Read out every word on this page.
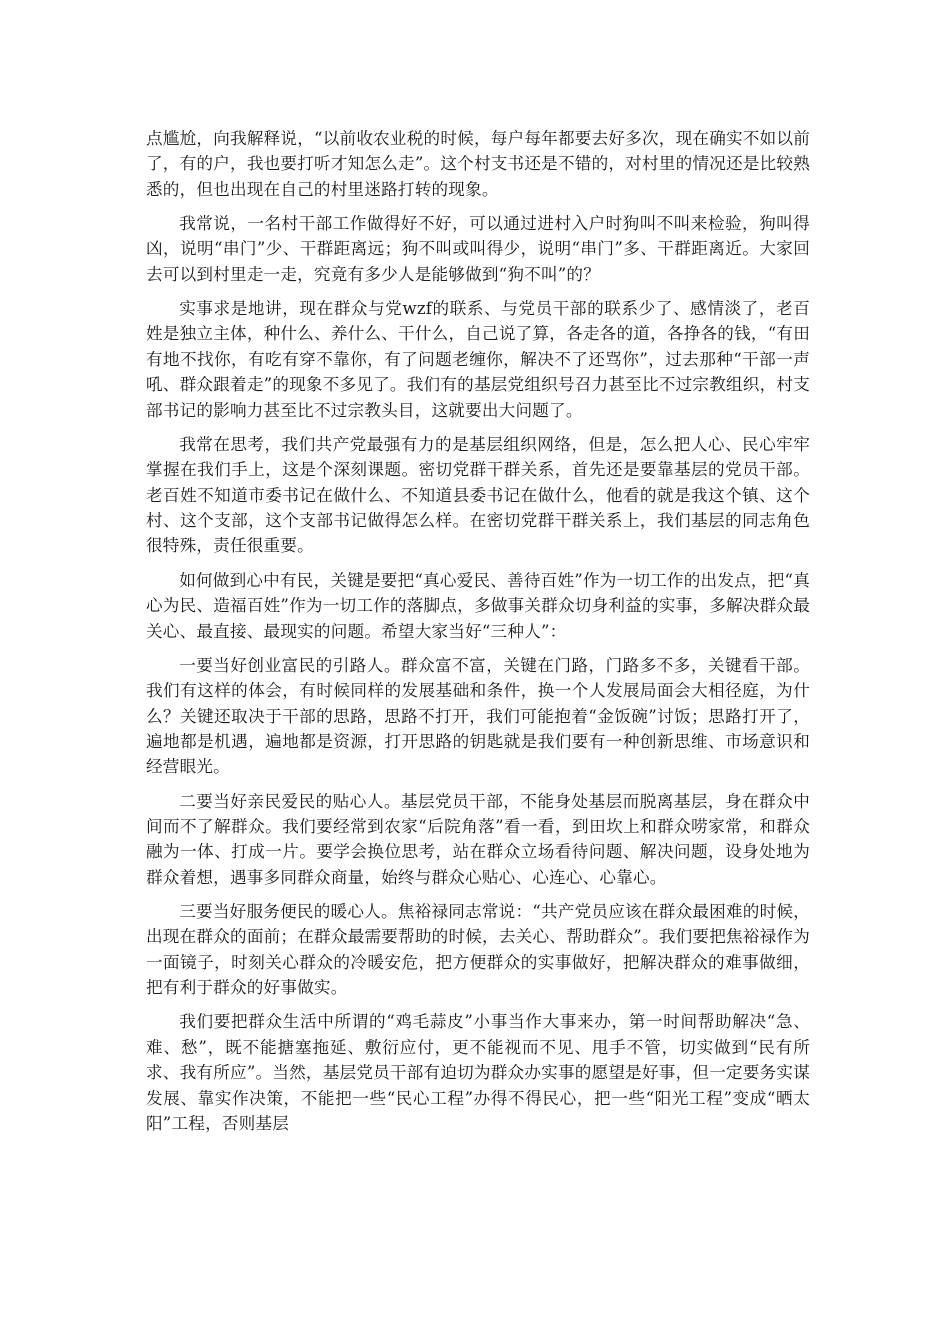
点尴尬，向我解释说，“以前收农业税的时候，每户每年都要去好多次，现在确实不如以前了，有的户，我也要打听才知怎么走”。这个村支书还是不错的，对村里的情况还是比较熟悉的，但也出现在自己的村里迷路打转的现象。

我常说，一名村干部工作做得好不好，可以通过进村入户时狗叫不叫来检验，狗叫得凶，说明“串门”少、干群距离远；狗不叫或叫得少，说明“串门”多、干群距离近。大家回去可以到村里走一走，究竟有多少人是能够做到“狗不叫”的？

实事求是地讲，现在群众与党wzf的联系、与党员干部的联系少了、感情淡了，老百姓是独立主体，种什么、养什么、干什么，自己说了算，各走各的道，各挣各的钱，“有田有地不找你，有吃有穿不靠你，有了问题老缠你，解决不了还骂你”，过去那种“干部一声吼、群众跟着走”的现象不多见了。我们有的基层党组织号召力甚至比不过宗教组织，村支部书记的影响力甚至比不过宗教头目，这就要出大问题了。

我常在思考，我们共产党最强有力的是基层组织网络，但是，怎么把人心、民心牢牢掌握在我们手上，这是个深刻课题。密切党群干群关系，首先还是要靠基层的党员干部。老百姓不知道市委书记在做什么、不知道县委书记在做什么，他看的就是我这个镇、这个村、这个支部，这个支部书记做得怎么样。在密切党群干群关系上，我们基层的同志角色很特殊，责任很重要。

如何做到心中有民，关键是要把“真心爱民、善待百姓”作为一切工作的出发点，把“真心为民、造福百姓”作为一切工作的落脚点，多做事关群众切身利益的实事，多解决群众最关心、最直接、最现实的问题。希望大家当好“三种人”：

一要当好创业富民的引路人。群众富不富，关键在门路，门路多不多，关键看干部。我们有这样的体会，有时候同样的发展基础和条件，换一个人发展局面会大相径庭，为什么？关键还取决于干部的思路，思路不打开，我们可能抱着“金饭碗”讨饭；思路打开了，遍地都是机遇，遍地都是资源，打开思路的钥匙就是我们要有一种创新思维、市场意识和经营眼光。

二要当好亲民爱民的贴心人。基层党员干部，不能身处基层而脱离基层，身在群众中间而不了解群众。我们要经常到农家“后院角落”看一看，到田坎上和群众唠家常，和群众融为一体、打成一片。要学会换位思考，站在群众立场看待问题、解决问题，设身处地为群众着想，遇事多同群众商量，始终与群众心贴心、心连心、心靠心。

三要当好服务便民的暖心人。焦裕禄同志常说：“共产党员应该在群众最困难的时候，出现在群众的面前；在群众最需要帮助的时候，去关心、帮助群众”。我们要把焦裕禄作为一面镜子，时刻关心群众的冷暖安危，把方便群众的实事做好，把解决群众的难事做细，把有利于群众的好事做实。

我们要把群众生活中所谓的“鸡毛蒜皮”小事当作大事来办，第一时间帮助解决“急、难、愁”，既不能搪塞拖延、敷衍应付，更不能视而不见、甩手不管，切实做到“民有所求、我有所应”。当然，基层党员干部有迫切为群众办实事的愿望是好事，但一定要务实谋发展、靠实作决策，不能把一些“民心工程”办得不得民心，把一些“阳光工程”变成“晒太阳”工程，否则基层
